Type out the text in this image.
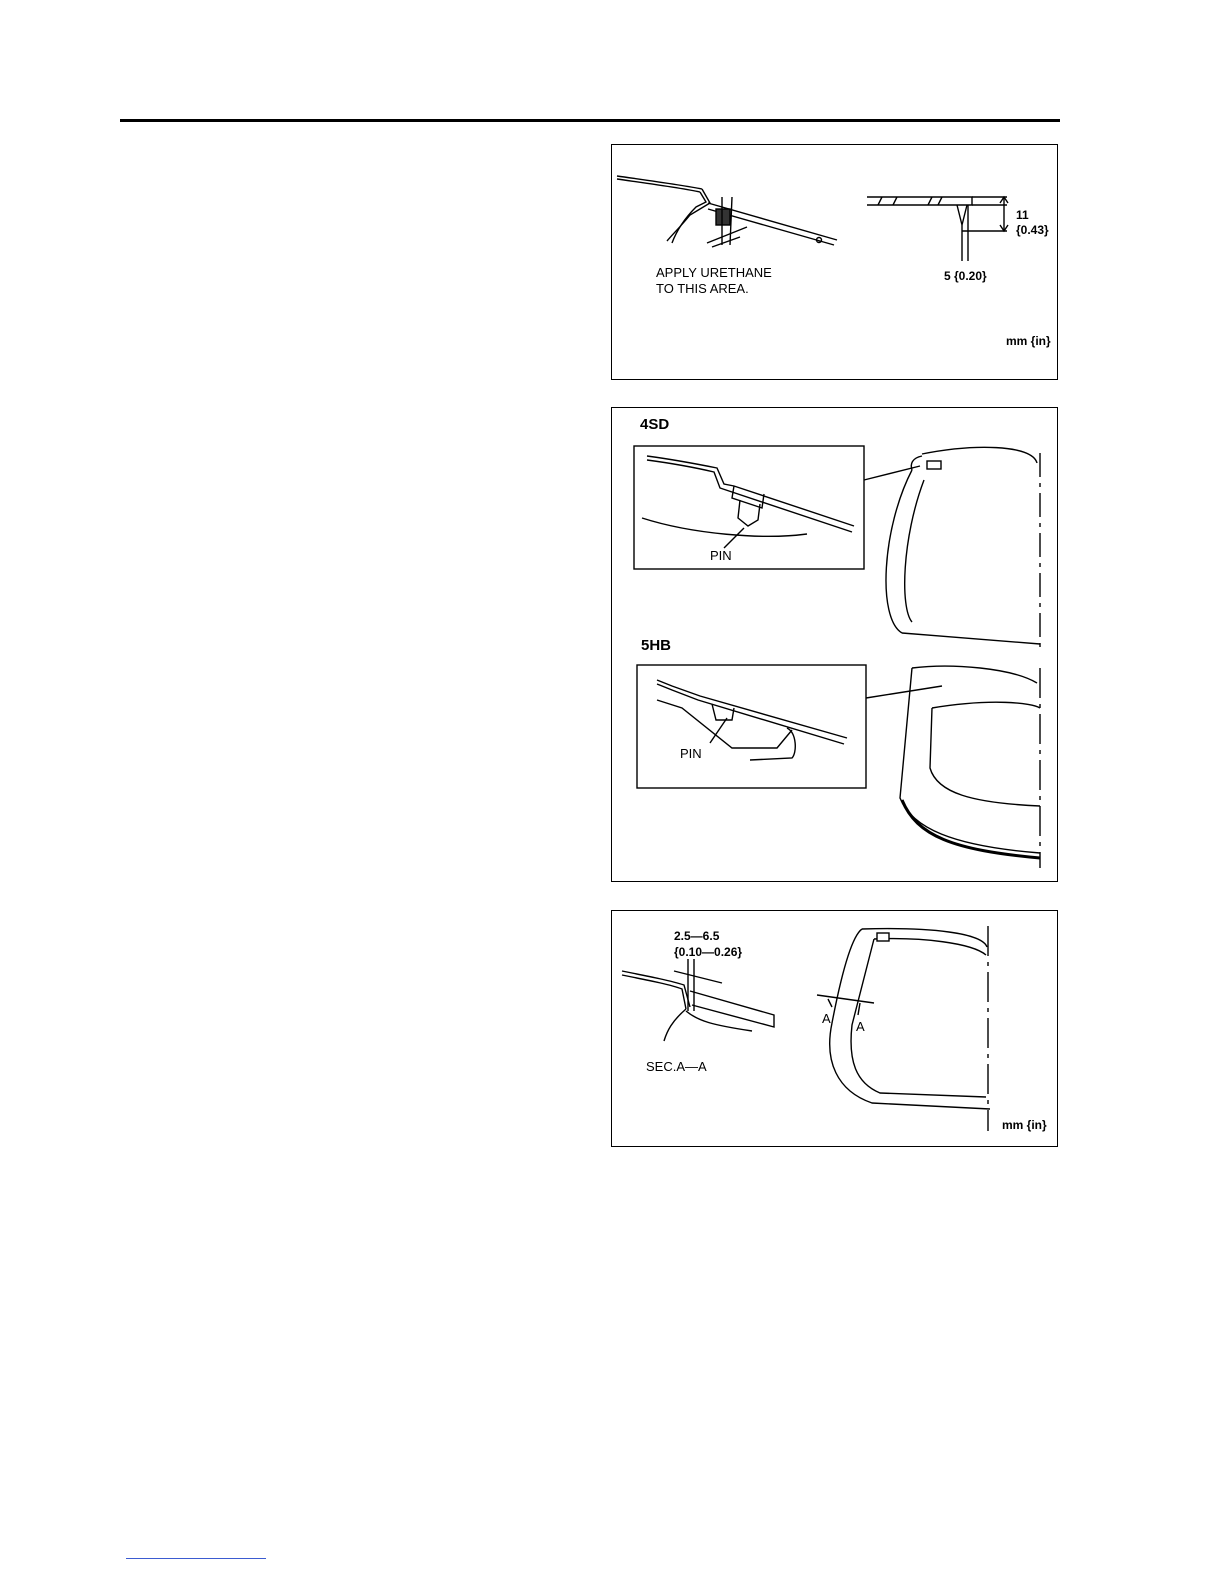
APPLY URETHANE
TO THIS AREA.
11
{0.43}
5 {0.20}
mm {in}
4SD
PIN
5HB
PIN
2.5—6.5
{0.10—0.26}
SEC.A—A
A
A
mm {in}
